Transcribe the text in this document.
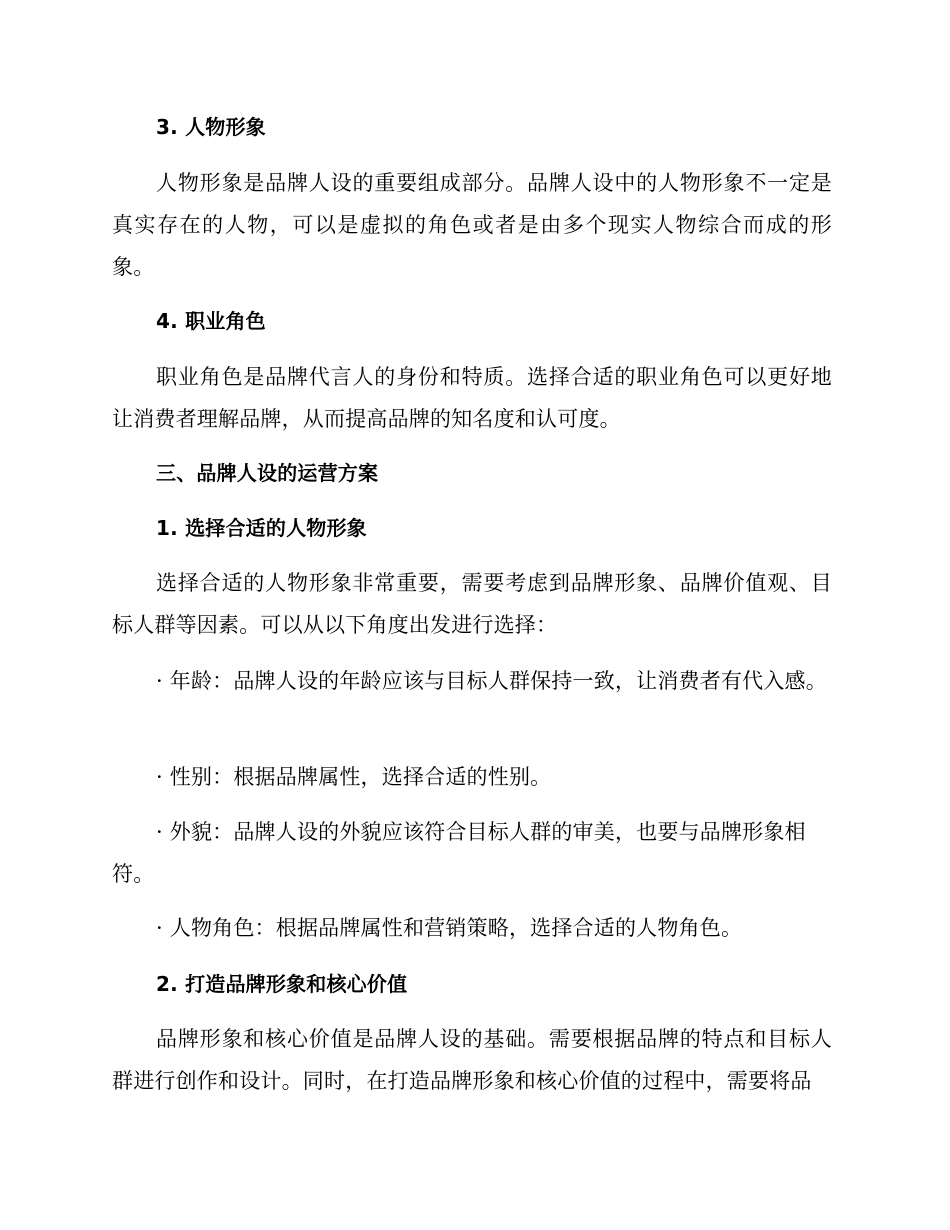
3. 人物形象

人物形象是品牌人设的重要组成部分。品牌人设中的人物形象不一定是真实存在的人物，可以是虚拟的角色或者是由多个现实人物综合而成的形象。

4. 职业角色

职业角色是品牌代言人的身份和特质。选择合适的职业角色可以更好地让消费者理解品牌，从而提高品牌的知名度和认可度。

三、品牌人设的运营方案
1. 选择合适的人物形象

选择合适的人物形象非常重要，需要考虑到品牌形象、品牌价值观、目标人群等因素。可以从以下角度出发进行选择：

· 年龄：品牌人设的年龄应该与目标人群保持一致，让消费者有代入感。

· 性别：根据品牌属性，选择合适的性别。

· 外貌：品牌人设的外貌应该符合目标人群的审美，也要与品牌形象相符。

· 人物角色：根据品牌属性和营销策略，选择合适的人物角色。

2. 打造品牌形象和核心价值

品牌形象和核心价值是品牌人设的基础。需要根据品牌的特点和目标人群进行创作和设计。同时，在打造品牌形象和核心价值的过程中，需要将品
